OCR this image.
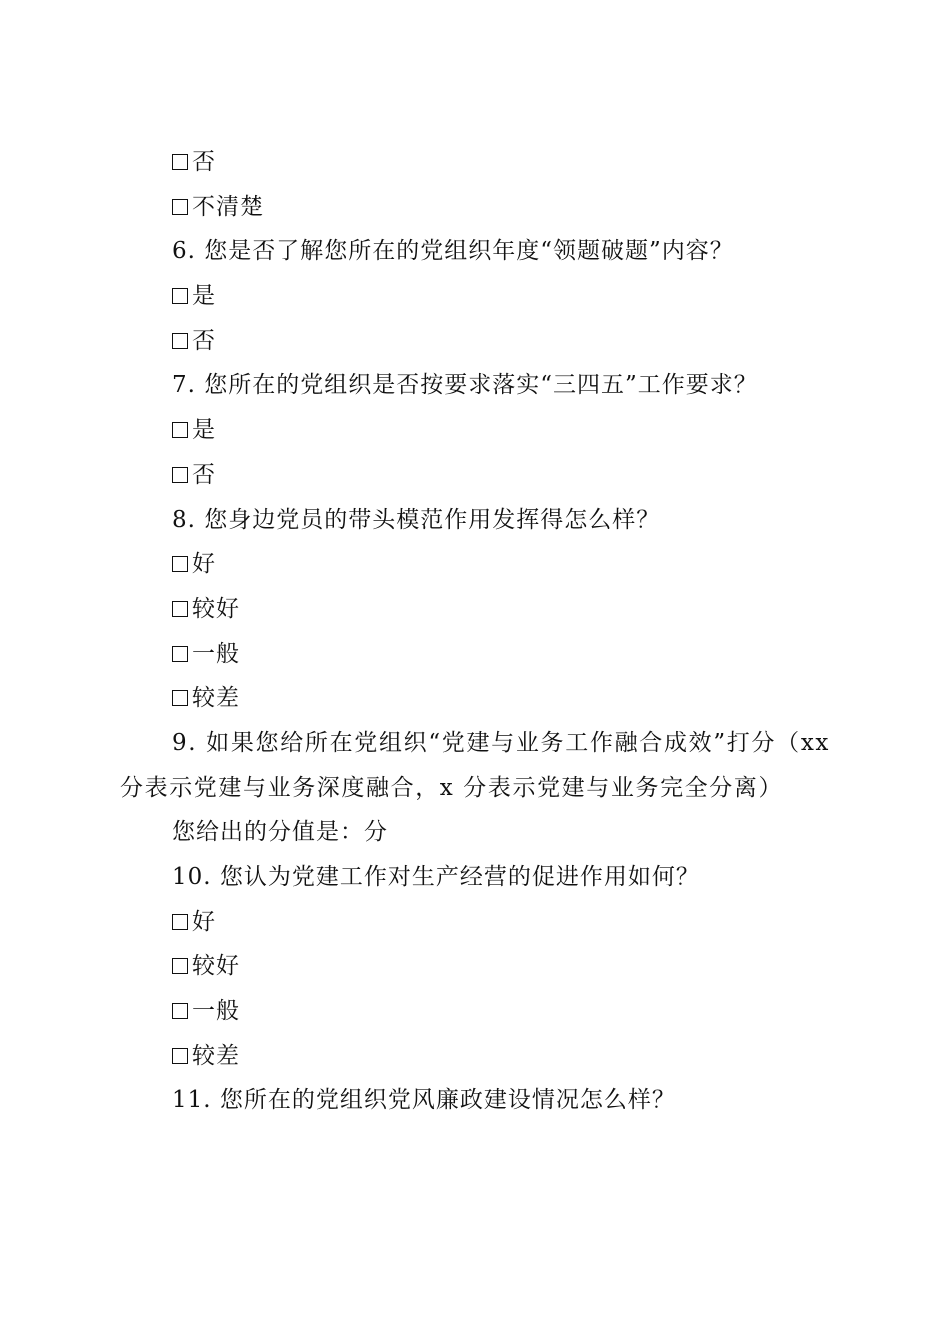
否
不清楚
6. 您是否了解您所在的党组织年度“领题破题”内容？
是
否
7. 您所在的党组织是否按要求落实“三四五”工作要求？
是
否
8. 您身边党员的带头模范作用发挥得怎么样？
好
较好
一般
较差
9. 如果您给所在党组织“党建与业务工作融合成效”打分（xx 分表示党建与业务深度融合，x 分表示党建与业务完全分离）
您给出的分值是：分
10. 您认为党建工作对生产经营的促进作用如何？
好
较好
一般
较差
11. 您所在的党组织党风廉政建设情况怎么样？
